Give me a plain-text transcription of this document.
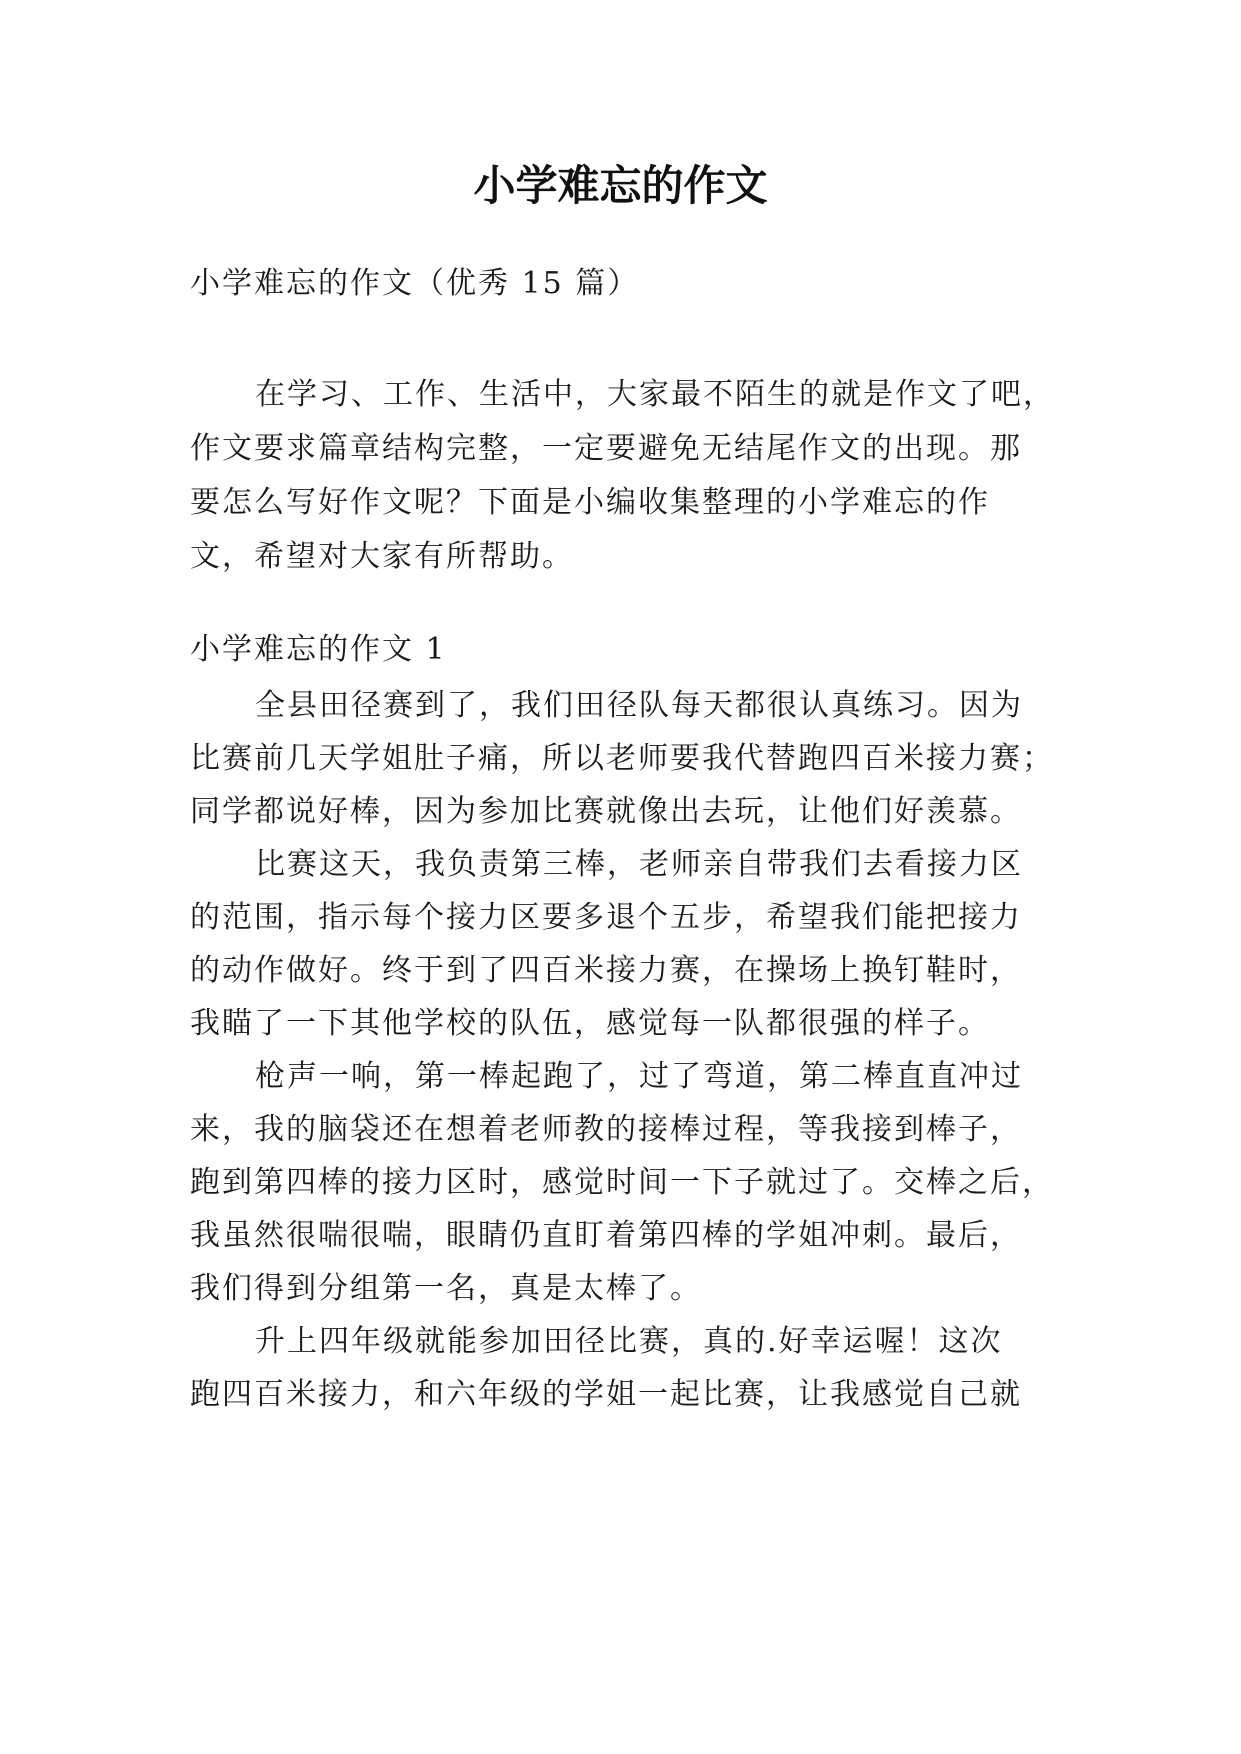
小学难忘的作文
小学难忘的作文（优秀 15 篇）
在学习、工作、生活中，大家最不陌生的就是作文了吧，
作文要求篇章结构完整，一定要避免无结尾作文的出现。那
要怎么写好作文呢？下面是小编收集整理的小学难忘的作
文，希望对大家有所帮助。
小学难忘的作文 1
全县田径赛到了，我们田径队每天都很认真练习。因为
比赛前几天学姐肚子痛，所以老师要我代替跑四百米接力赛；
同学都说好棒，因为参加比赛就像出去玩，让他们好羡慕。
比赛这天，我负责第三棒，老师亲自带我们去看接力区
的范围，指示每个接力区要多退个五步，希望我们能把接力
的动作做好。终于到了四百米接力赛，在操场上换钉鞋时，
我瞄了一下其他学校的队伍，感觉每一队都很强的样子。
枪声一响，第一棒起跑了，过了弯道，第二棒直直冲过
来，我的脑袋还在想着老师教的接棒过程，等我接到棒子，
跑到第四棒的接力区时，感觉时间一下子就过了。交棒之后，
我虽然很喘很喘，眼睛仍直盯着第四棒的学姐冲刺。最后，
我们得到分组第一名，真是太棒了。
升上四年级就能参加田径比赛，真的.好幸运喔！这次
跑四百米接力，和六年级的学姐一起比赛，让我感觉自己就
